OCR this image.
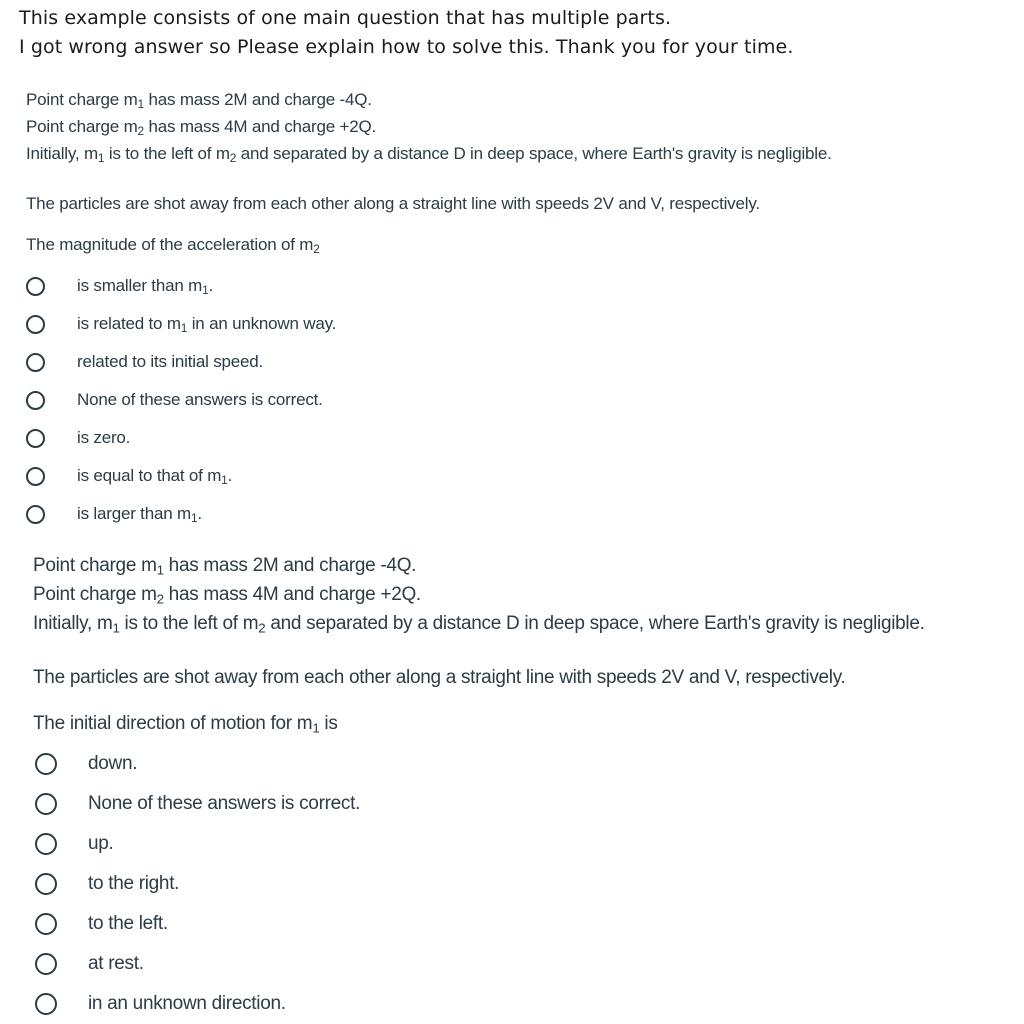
This example consists of one main question that has multiple parts.
I got wrong answer so Please explain how to solve this. Thank you for your time.
Point charge $m_1$ has mass 2M and charge -4Q.
Point charge $m_2$ has mass 4M and charge +2Q.
Initially, $m_1$ is to the left of $m_2$ and separated by a distance D in deep space, where Earth's gravity is negligible.
The particles are shot away from each other along a straight line with speeds 2V and V, respectively.
The magnitude of the acceleration of $m_2$
is smaller than $m_1$.
is related to $m_1$ in an unknown way.
related to its initial speed.
None of these answers is correct.
is zero.
is equal to that of $m_1$.
is larger than $m_1$.
Point charge $m_1$ has mass 2M and charge -4Q.
Point charge $m_2$ has mass 4M and charge +2Q.
Initially, $m_1$ is to the left of $m_2$ and separated by a distance D in deep space, where Earth's gravity is negligible.
The particles are shot away from each other along a straight line with speeds 2V and V, respectively.
The initial direction of motion for $m_1$ is
down.
None of these answers is correct.
up.
to the right.
to the left.
at rest.
in an unknown direction.
